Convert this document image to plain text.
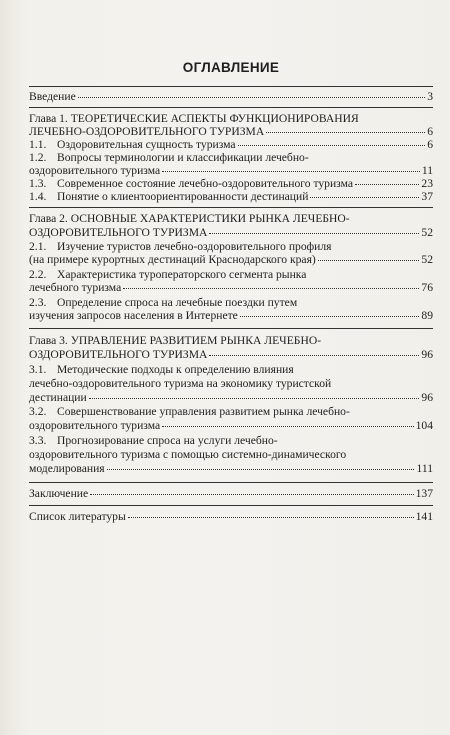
ОГЛАВЛЕНИЕ
Введение	3
Глава 1. ТЕОРЕТИЧЕСКИЕ АСПЕКТЫ ФУНКЦИОНИРОВАНИЯ
ЛЕЧЕБНО-ОЗДОРОВИТЕЛЬНОГО ТУРИЗМА	6
1.1. Оздоровительная сущность туризма	6
1.2. Вопросы терминологии и классификации лечебно-
оздоровительного туризма	11
1.3. Современное состояние лечебно-оздоровительного туризма	23
1.4. Понятие о клиентоориентированности дестинаций	37
Глава 2. ОСНОВНЫЕ ХАРАКТЕРИСТИКИ РЫНКА ЛЕЧЕБНО-
ОЗДОРОВИТЕЛЬНОГО ТУРИЗМА	52
2.1. Изучение туристов лечебно-оздоровительного профиля
(на примере курортных дестинаций Краснодарского края)	52
2.2. Характеристика туроператорского сегмента рынка
лечебного туризма	76
2.3. Определение спроса на лечебные поездки путем
изучения запросов населения в Интернете	89
Глава 3. УПРАВЛЕНИЕ РАЗВИТИЕМ РЫНКА ЛЕЧЕБНО-
ОЗДОРОВИТЕЛЬНОГО ТУРИЗМА	96
3.1. Методические подходы к определению влияния
лечебно-оздоровительного туризма на экономику туристской
дестинации	96
3.2. Совершенствование управления развитием рынка лечебно-
оздоровительного туризма	104
3.3. Прогнозирование спроса на услуги лечебно-
оздоровительного туризма с помощью системно-динамического
моделирования	111
Заключение	137
Список литературы	141
